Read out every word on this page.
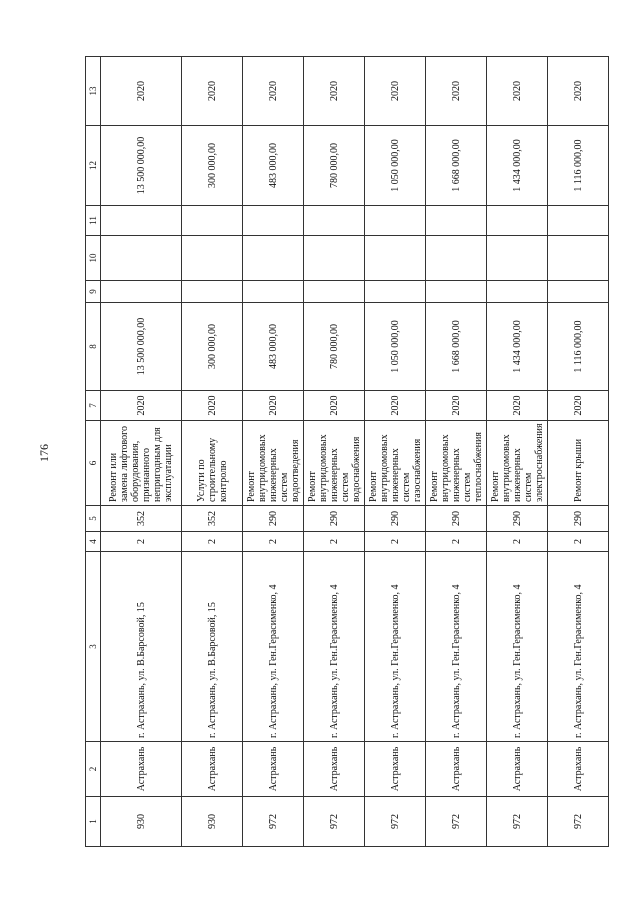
176
1	2	3	4	5	6	7	8	9	10	11	12	13
930	Астрахань	г. Астрахань, ул. В.Барсовой, 15	2	352	Ремонт или замена лифтового оборудования, признанного непригодным для эксплуатации	2020	13 500 000,00				13 500 000,00	2020
930	Астрахань	г. Астрахань, ул. В.Барсовой, 15	2	352	Услуги по строительному контролю	2020	300 000,00				300 000,00	2020
972	Астрахань	г. Астрахань, ул. Ген.Герасименко, 4	2	290	Ремонт внутридомовых инженерных систем водоотведения	2020	483 000,00				483 000,00	2020
972	Астрахань	г. Астрахань, ул. Ген.Герасименко, 4	2	290	Ремонт внутридомовых инженерных систем водоснабжения	2020	780 000,00				780 000,00	2020
972	Астрахань	г. Астрахань, ул. Ген.Герасименко, 4	2	290	Ремонт внутридомовых инженерных систем газоснабжения	2020	1 050 000,00				1 050 000,00	2020
972	Астрахань	г. Астрахань, ул. Ген.Герасименко, 4	2	290	Ремонт внутридомовых инженерных систем теплоснабжения	2020	1 668 000,00				1 668 000,00	2020
972	Астрахань	г. Астрахань, ул. Ген.Герасименко, 4	2	290	Ремонт внутридомовых инженерных систем электроснабжения	2020	1 434 000,00				1 434 000,00	2020
972	Астрахань	г. Астрахань, ул. Ген.Герасименко, 4	2	290	Ремонт крыши	2020	1 116 000,00				1 116 000,00	2020
